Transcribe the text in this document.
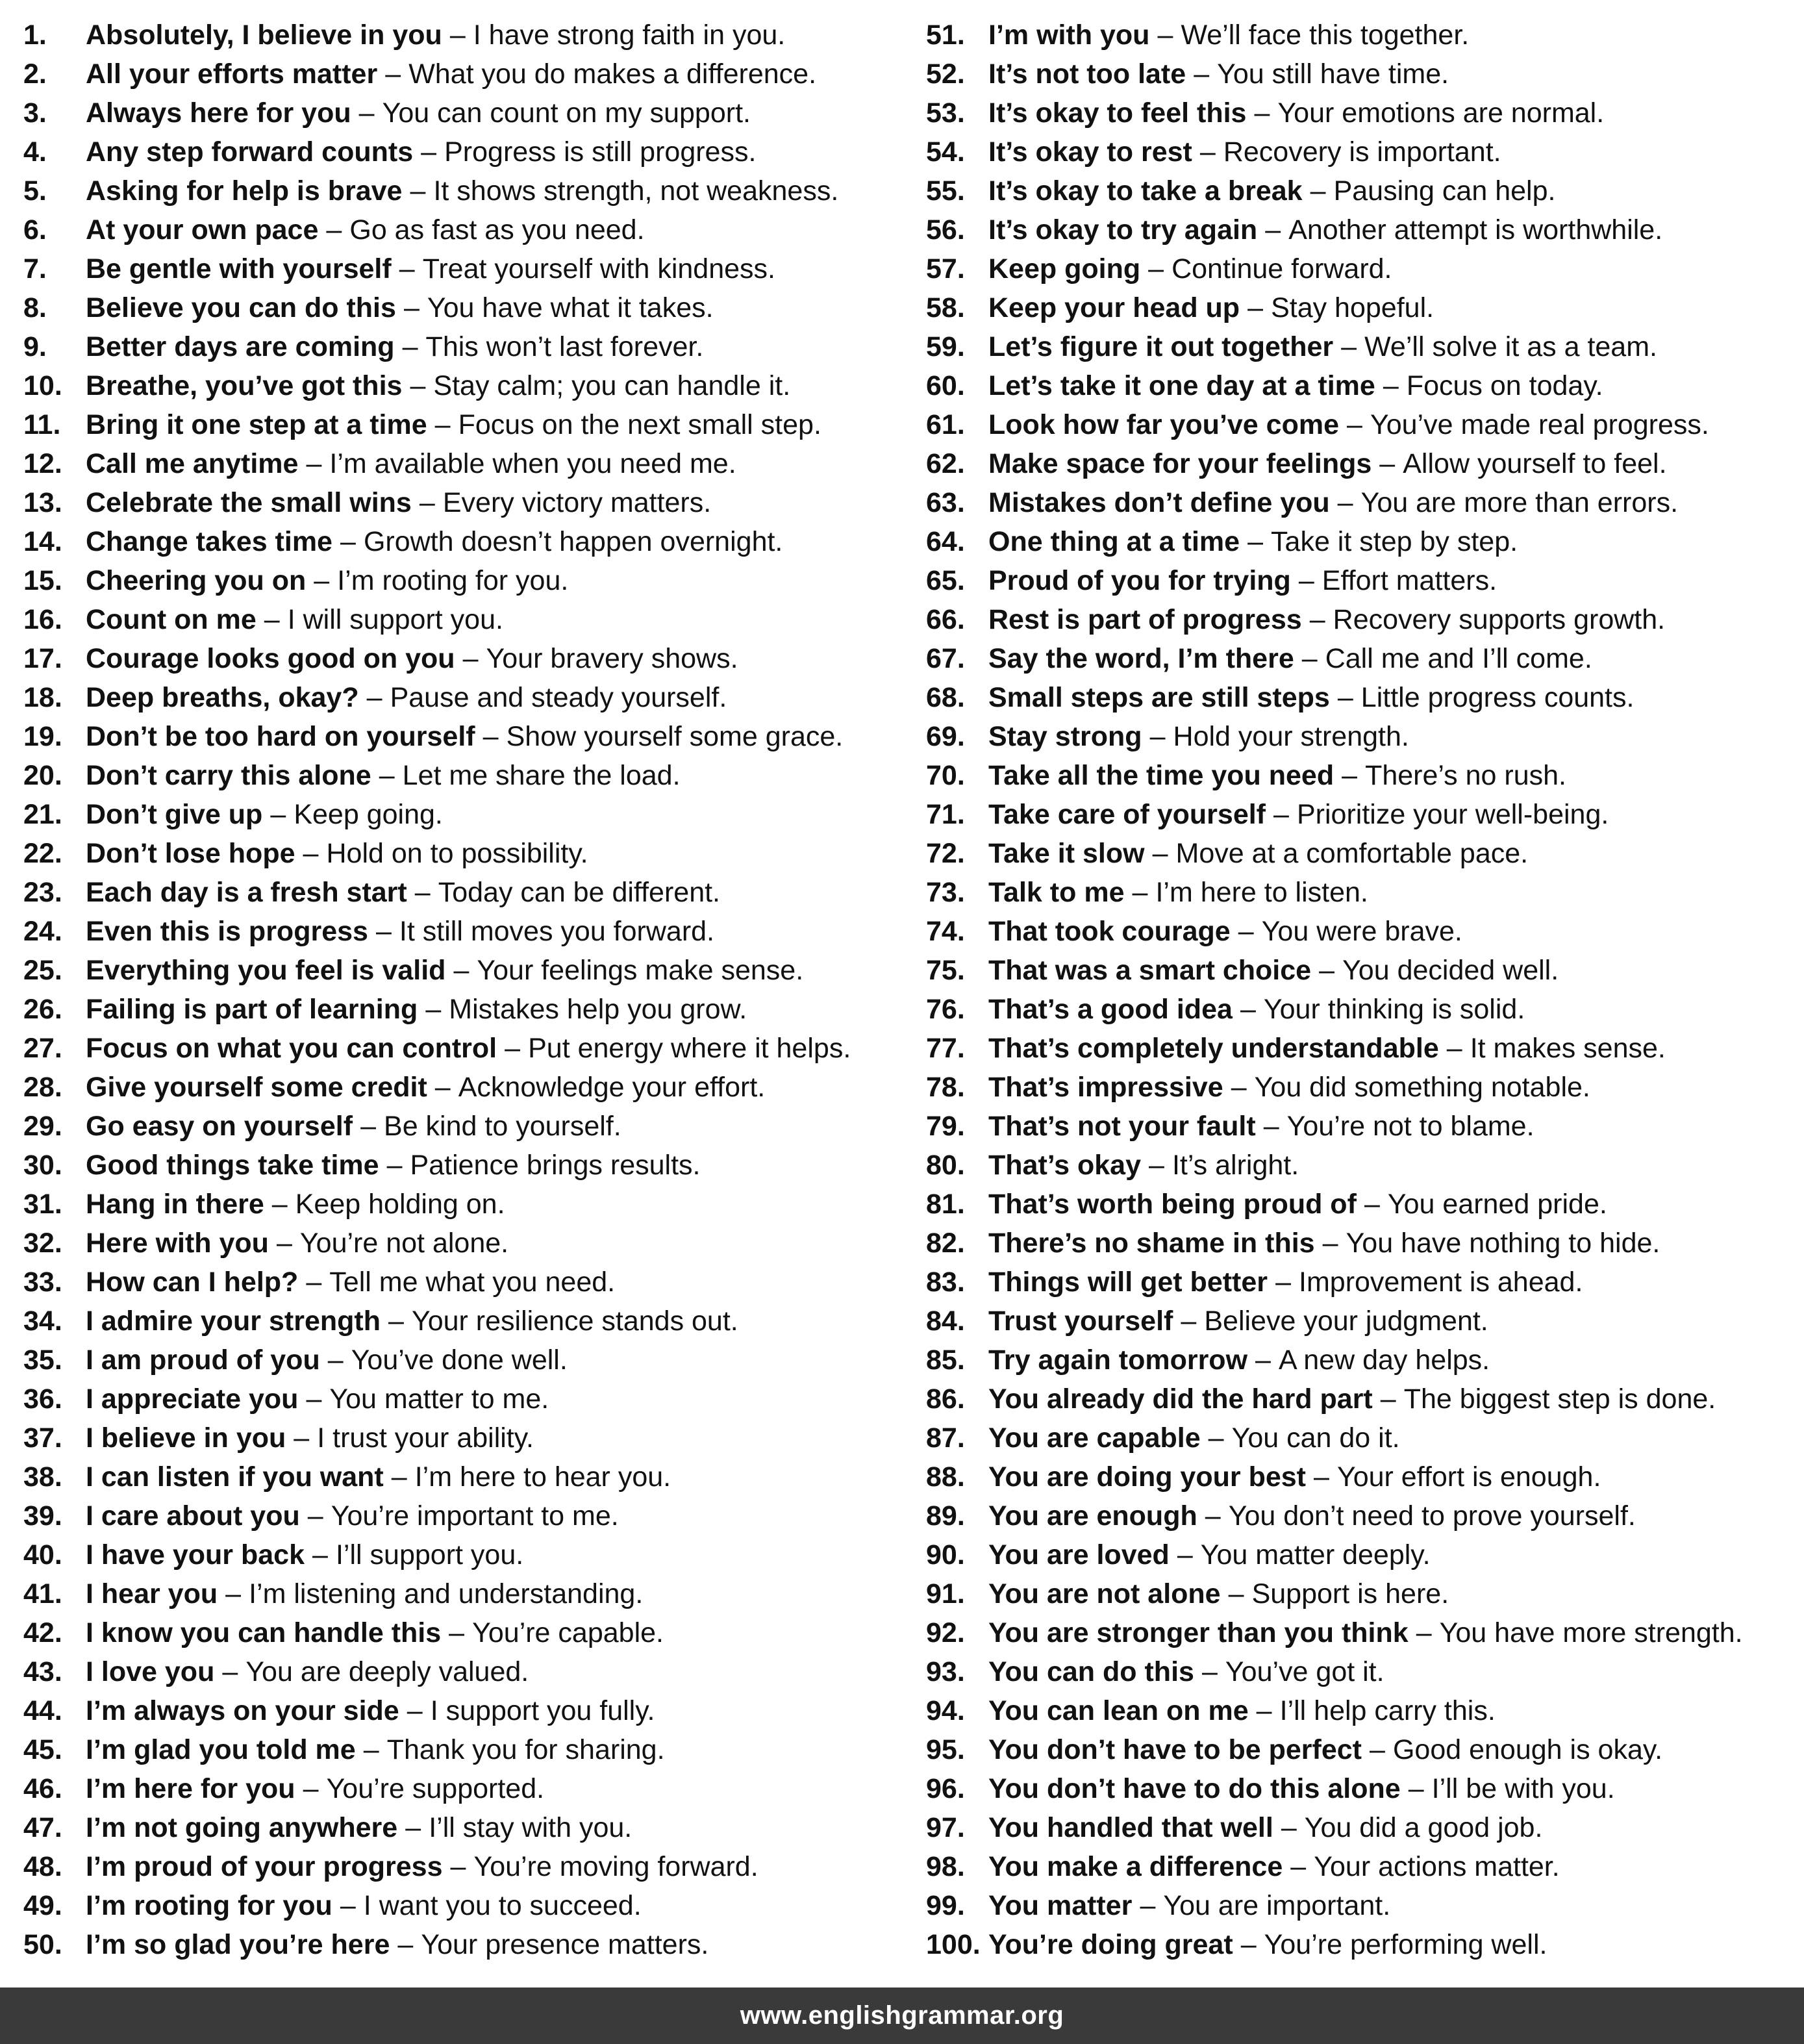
1.	Absolutely, I believe in you – I have strong faith in you.
2.	All your efforts matter – What you do makes a difference.
3.	Always here for you – You can count on my support.
4.	Any step forward counts – Progress is still progress.
5.	Asking for help is brave – It shows strength, not weakness.
6.	At your own pace – Go as fast as you need.
7.	Be gentle with yourself – Treat yourself with kindness.
8.	Believe you can do this – You have what it takes.
9.	Better days are coming – This won’t last forever.
10. Breathe, you’ve got this – Stay calm; you can handle it.
11. Bring it one step at a time – Focus on the next small step.
12. Call me anytime – I’m available when you need me.
13. Celebrate the small wins – Every victory matters.
14. Change takes time – Growth doesn’t happen overnight.
15. Cheering you on – I’m rooting for you.
16. Count on me – I will support you.
17. Courage looks good on you – Your bravery shows.
18. Deep breaths, okay? – Pause and steady yourself.
19. Don’t be too hard on yourself – Show yourself some grace.
20. Don’t carry this alone – Let me share the load.
21. Don’t give up – Keep going.
22. Don’t lose hope – Hold on to possibility.
23. Each day is a fresh start – Today can be different.
24. Even this is progress – It still moves you forward.
25. Everything you feel is valid – Your feelings make sense.
26. Failing is part of learning – Mistakes help you grow.
27. Focus on what you can control – Put energy where it helps.
28. Give yourself some credit – Acknowledge your effort.
29. Go easy on yourself – Be kind to yourself.
30. Good things take time – Patience brings results.
31. Hang in there – Keep holding on.
32. Here with you – You’re not alone.
33. How can I help? – Tell me what you need.
34. I admire your strength – Your resilience stands out.
35. I am proud of you – You’ve done well.
36. I appreciate you – You matter to me.
37. I believe in you – I trust your ability.
38. I can listen if you want – I’m here to hear you.
39. I care about you – You’re important to me.
40. I have your back – I’ll support you.
41. I hear you – I’m listening and understanding.
42. I know you can handle this – You’re capable.
43. I love you – You are deeply valued.
44. I’m always on your side – I support you fully.
45. I’m glad you told me – Thank you for sharing.
46. I’m here for you – You’re supported.
47. I’m not going anywhere – I’ll stay with you.
48. I’m proud of your progress – You’re moving forward.
49. I’m rooting for you – I want you to succeed.
50. I’m so glad you’re here – Your presence matters.
51. I’m with you – We’ll face this together.
52. It’s not too late – You still have time.
53. It’s okay to feel this – Your emotions are normal.
54. It’s okay to rest – Recovery is important.
55. It’s okay to take a break – Pausing can help.
56. It’s okay to try again – Another attempt is worthwhile.
57. Keep going – Continue forward.
58. Keep your head up – Stay hopeful.
59. Let’s figure it out together – We’ll solve it as a team.
60. Let’s take it one day at a time – Focus on today.
61. Look how far you’ve come – You’ve made real progress.
62. Make space for your feelings – Allow yourself to feel.
63. Mistakes don’t define you – You are more than errors.
64. One thing at a time – Take it step by step.
65. Proud of you for trying – Effort matters.
66. Rest is part of progress – Recovery supports growth.
67. Say the word, I’m there – Call me and I’ll come.
68. Small steps are still steps – Little progress counts.
69. Stay strong – Hold your strength.
70. Take all the time you need – There’s no rush.
71. Take care of yourself – Prioritize your well-being.
72. Take it slow – Move at a comfortable pace.
73. Talk to me – I’m here to listen.
74. That took courage – You were brave.
75. That was a smart choice – You decided well.
76. That’s a good idea – Your thinking is solid.
77. That’s completely understandable – It makes sense.
78. That’s impressive – You did something notable.
79. That’s not your fault – You’re not to blame.
80. That’s okay – It’s alright.
81. That’s worth being proud of – You earned pride.
82. There’s no shame in this – You have nothing to hide.
83. Things will get better – Improvement is ahead.
84. Trust yourself – Believe your judgment.
85. Try again tomorrow – A new day helps.
86. You already did the hard part – The biggest step is done.
87. You are capable – You can do it.
88. You are doing your best – Your effort is enough.
89. You are enough – You don’t need to prove yourself.
90. You are loved – You matter deeply.
91. You are not alone – Support is here.
92. You are stronger than you think – You have more strength.
93. You can do this – You’ve got it.
94. You can lean on me – I’ll help carry this.
95. You don’t have to be perfect – Good enough is okay.
96. You don’t have to do this alone – I’ll be with you.
97. You handled that well – You did a good job.
98. You make a difference – Your actions matter.
99. You matter – You are important.
100. You’re doing great – You’re performing well.
www.englishgrammar.org
